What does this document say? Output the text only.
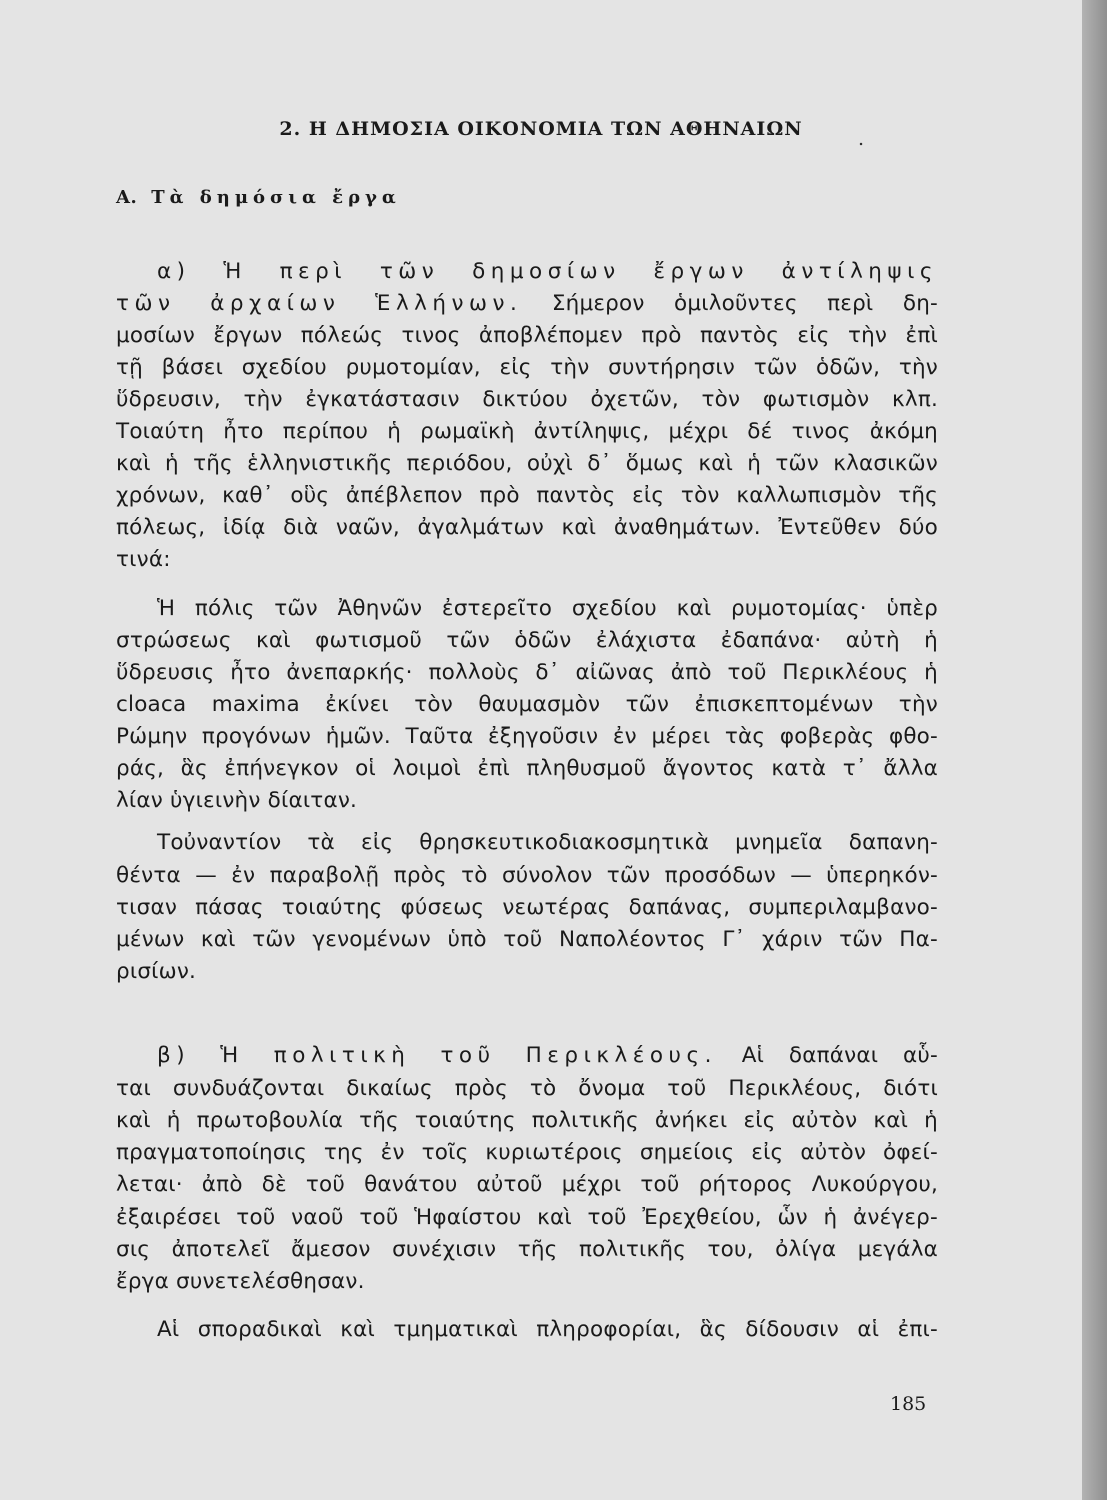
2. Η ΔΗΜΟΣΙΑ ΟΙΚΟΝΟΜΙΑ ΤΩΝ ΑΘΗΝΑΙΩΝ	.
Α. Τὰ δημόσια ἔργα

α) Ἡ περὶ τῶν δημοσίων ἔργων ἀντίληψις

τῶν ἀρχαίων Ἑλλήνων. Σήμερον ὁμιλοῦντες περὶ δη-

μοσίων ἔργων πόλεώς τινος ἀποβλέπομεν πρὸ παντὸς εἰς τὴν ἐπὶ

τῇ βάσει σχεδίου ρυμοτομίαν, εἰς τὴν συντήρησιν τῶν ὁδῶν, τὴν

ὕδρευσιν, τὴν ἐγκατάστασιν δικτύου ὀχετῶν, τὸν φωτισμὸν κλπ.

Τοιαύτη ἦτο περίπου ἡ ρωμαϊκὴ ἀντίληψις, μέχρι δέ τινος ἀκόμη

καὶ ἡ τῆς ἑλληνιστικῆς περιόδου, οὐχὶ δ᾽ ὅμως καὶ ἡ τῶν κλασικῶν

χρόνων, καθ᾽ οὓς ἀπέβλεπον πρὸ παντὸς εἰς τὸν καλλωπισμὸν τῆς

πόλεως, ἰδίᾳ διὰ ναῶν, ἀγαλμάτων καὶ ἀναθημάτων. Ἐντεῦθεν δύο

τινά:

Ἡ πόλις τῶν Ἀθηνῶν ἐστερεῖτο σχεδίου καὶ ρυμοτομίας· ὑπὲρ

στρώσεως καὶ φωτισμοῦ τῶν ὁδῶν ἐλάχιστα ἐδαπάνα· αὐτὴ ἡ

ὕδρευσις ἦτο ἀνεπαρκής· πολλοὺς δ᾽ αἰῶνας ἀπὸ τοῦ Περικλέους ἡ

cloaca maxima ἐκίνει τὸν θαυμασμὸν τῶν ἐπισκεπτομένων τὴν

Ρώμην προγόνων ἡμῶν. Ταῦτα ἐξηγοῦσιν ἐν μέρει τὰς φοβερὰς φθο-

ράς, ἃς ἐπήνεγκον οἱ λοιμοὶ ἐπὶ πληθυσμοῦ ἄγοντος κατὰ τ᾽ ἄλλα

λίαν ὑγιεινὴν δίαιταν.

Τοὐναντίον τὰ εἰς θρησκευτικοδιακοσμητικὰ μνημεῖα δαπανη-

θέντα — ἐν παραβολῇ πρὸς τὸ σύνολον τῶν προσόδων — ὑπερηκόν-

τισαν πάσας τοιαύτης φύσεως νεωτέρας δαπάνας, συμπεριλαμβανο-

μένων καὶ τῶν γενομένων ὑπὸ τοῦ Ναπολέοντος Γ᾽ χάριν τῶν Πα-

ρισίων.

β) Ἡ πολιτικὴ τοῦ Περικλέους. Αἱ δαπάναι αὗ-

ται συνδυάζονται δικαίως πρὸς τὸ ὄνομα τοῦ Περικλέους, διότι

καὶ ἡ πρωτοβουλία τῆς τοιαύτης πολιτικῆς ἀνήκει εἰς αὐτὸν καὶ ἡ

πραγματοποίησις της ἐν τοῖς κυριωτέροις σημείοις εἰς αὐτὸν ὀφεί-

λεται· ἀπὸ δὲ τοῦ θανάτου αὐτοῦ μέχρι τοῦ ρήτορος Λυκούργου,

ἐξαιρέσει τοῦ ναοῦ τοῦ Ἡφαίστου καὶ τοῦ Ἐρεχθείου, ὧν ἡ ἀνέγερ-

σις ἀποτελεῖ ἄμεσον συνέχισιν τῆς πολιτικῆς του, ὀλίγα μεγάλα

ἔργα συνετελέσθησαν.

Αἱ σποραδικαὶ καὶ τμηματικαὶ πληροφορίαι, ἃς δίδουσιν αἱ ἐπι-

185
